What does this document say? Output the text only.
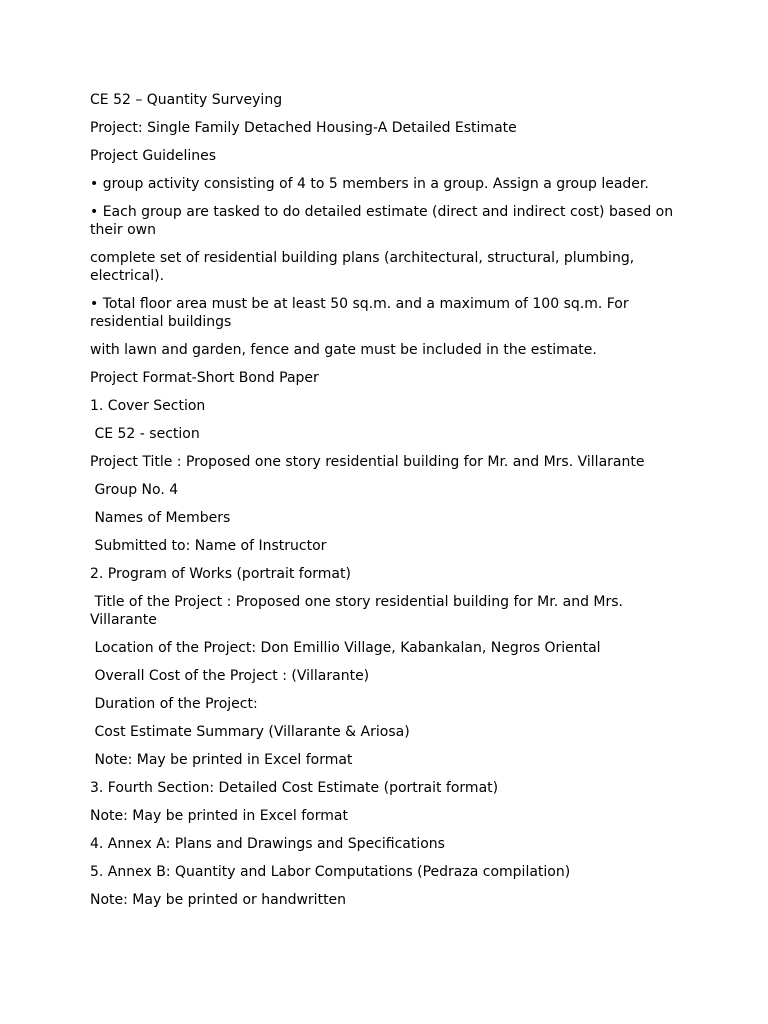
CE 52 – Quantity Surveying

Project: Single Family Detached Housing-A Detailed Estimate

Project Guidelines

• group activity consisting of 4 to 5 members in a group. Assign a group leader.

• Each group are tasked to do detailed estimate (direct and indirect cost) based on their own

complete set of residential building plans (architectural, structural, plumbing, electrical).

• Total floor area must be at least 50 sq.m. and a maximum of 100 sq.m. For residential buildings

with lawn and garden, fence and gate must be included in the estimate.

Project Format-Short Bond Paper

1. Cover Section

CE 52 - section

Project Title : Proposed one story residential building for Mr. and Mrs. Villarante

Group No. 4

Names of Members

Submitted to: Name of Instructor

2. Program of Works (portrait format)

Title of the Project : Proposed one story residential building for Mr. and Mrs. Villarante

Location of the Project: Don Emillio Village, Kabankalan, Negros Oriental

Overall Cost of the Project : (Villarante)

Duration of the Project:

Cost Estimate Summary (Villarante & Ariosa)

Note: May be printed in Excel format

3. Fourth Section: Detailed Cost Estimate (portrait format)

Note: May be printed in Excel format

4. Annex A: Plans and Drawings and Specifications

5. Annex B: Quantity and Labor Computations (Pedraza compilation)

Note: May be printed or handwritten
